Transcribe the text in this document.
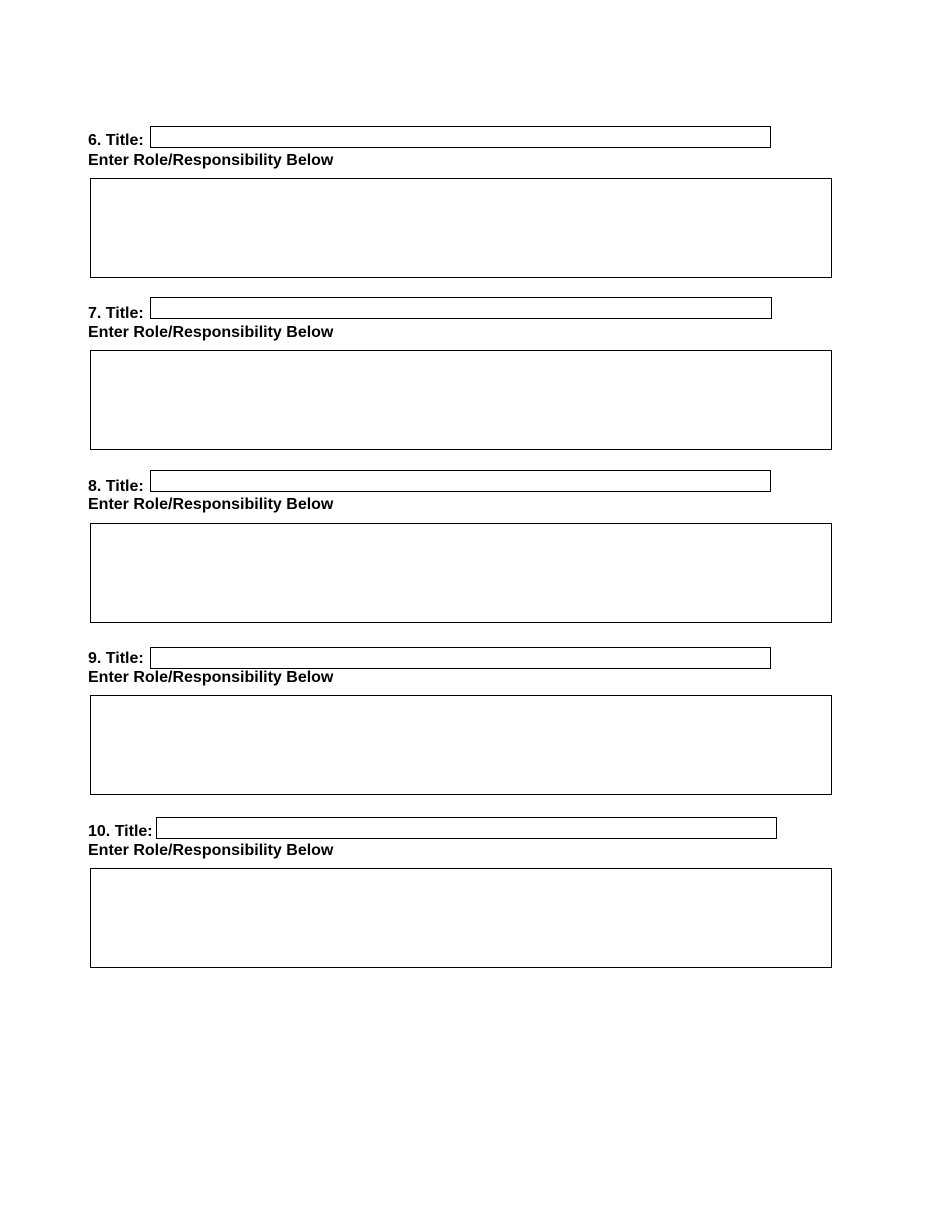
6. Title:
Enter Role/Responsibility Below
7. Title:
Enter Role/Responsibility Below
8. Title:
Enter Role/Responsibility Below
9. Title:
Enter Role/Responsibility Below
10. Title:
Enter Role/Responsibility Below
